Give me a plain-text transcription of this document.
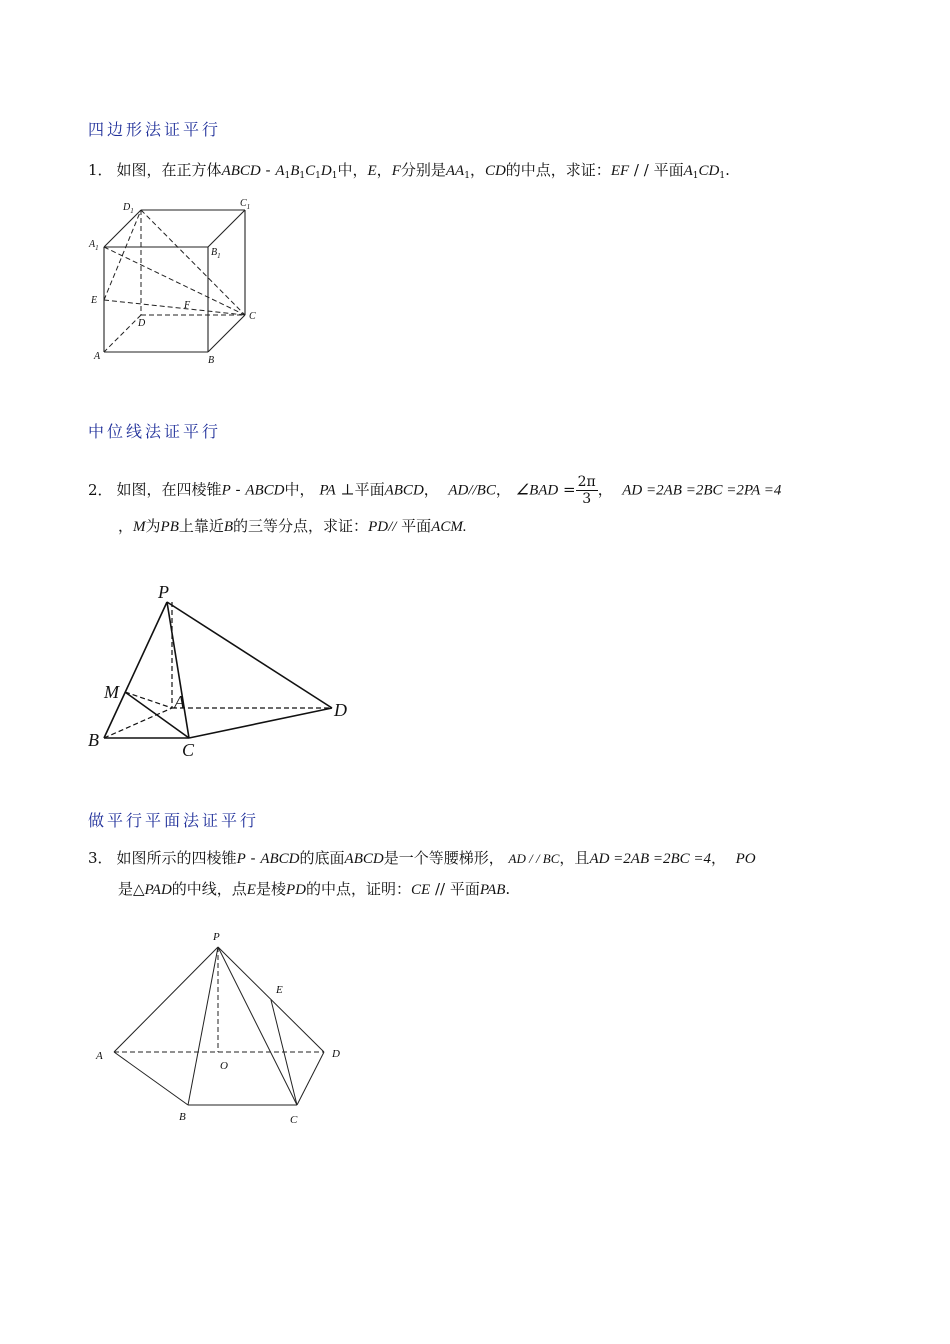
四边形法证平行
1． 如图，在正方体ABCD - $A_1B_1C_1D_1$中，E，F分别是$AA_1$，CD的中点，求证：EF / / 平面$A_1CD_1$.
$D_1$
$C_1$
$A_1$	$B_1$
E	F
D
C
A	B
中位线法证平行
2． 如图，在四棱锥P - ABCD中， PA ⊥平面ABCD， AD//BC， ∠BAD = $\frac{2\pi}{3}$ ， AD =2AB =2BC =2PA =4
，M为PB上靠近B的三等分点，求证：PD// 平面ACM.
P
M	A	D
B	C
做平行平面法证平行
3． 如图所示的四棱锥P - ABCD的底面ABCD是一个等腰梯形， AD / / BC，且AD =2AB =2BC =4， PO
是△PAD的中线，点E是棱PD的中点，证明：CE // 平面PAB.
P
E
A
O
D
B	C
